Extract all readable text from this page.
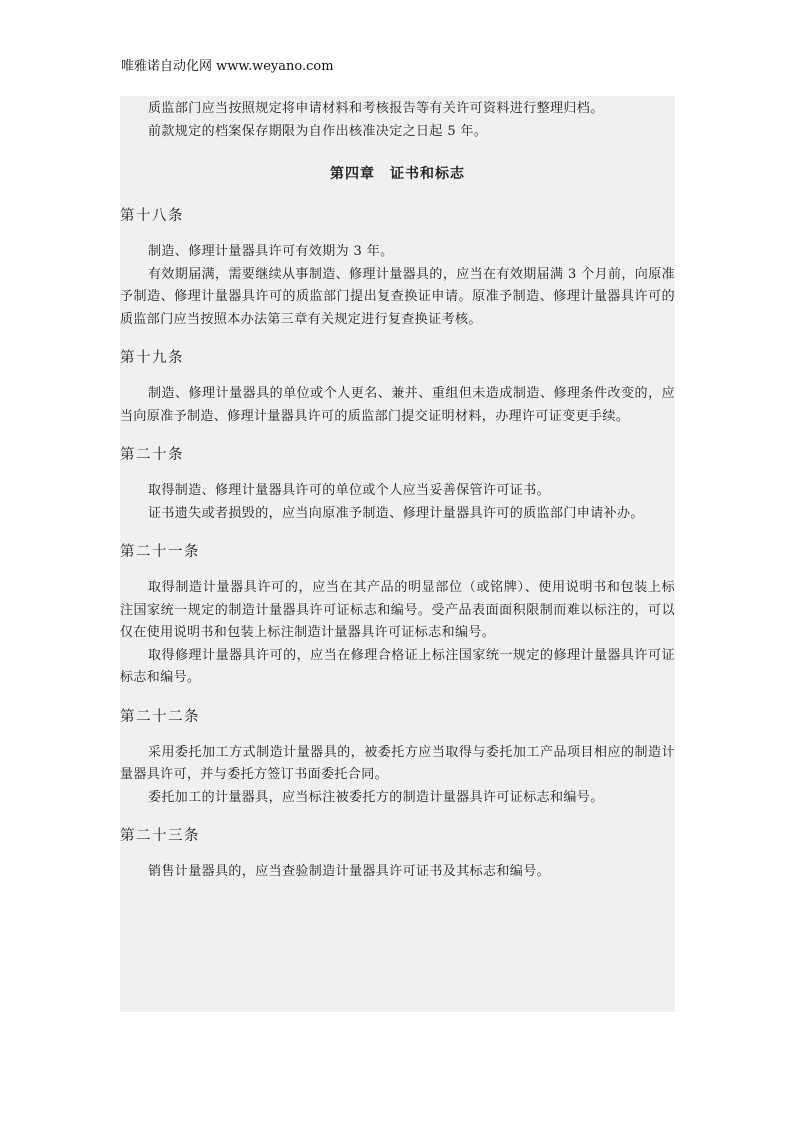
唯雅诺自动化网 www.weyano.com

质监部门应当按照规定将申请材料和考核报告等有关许可资料进行整理归档。

前款规定的档案保存期限为自作出核准决定之日起 5 年。

第四章　证书和标志
第十八条

制造、修理计量器具许可有效期为 3 年。

有效期届满，需要继续从事制造、修理计量器具的，应当在有效期届满 3 个月前，向原准予制造、修理计量器具许可的质监部门提出复查换证申请。原准予制造、修理计量器具许可的质监部门应当按照本办法第三章有关规定进行复查换证考核。

第十九条

制造、修理计量器具的单位或个人更名、兼并、重组但未造成制造、修理条件改变的，应当向原准予制造、修理计量器具许可的质监部门提交证明材料，办理许可证变更手续。

第二十条

取得制造、修理计量器具许可的单位或个人应当妥善保管许可证书。

证书遗失或者损毁的，应当向原准予制造、修理计量器具许可的质监部门申请补办。

第二十一条

取得制造计量器具许可的，应当在其产品的明显部位（或铭牌）、使用说明书和包装上标注国家统一规定的制造计量器具许可证标志和编号。受产品表面面积限制而难以标注的，可以仅在使用说明书和包装上标注制造计量器具许可证标志和编号。

取得修理计量器具许可的，应当在修理合格证上标注国家统一规定的修理计量器具许可证标志和编号。

第二十二条

采用委托加工方式制造计量器具的，被委托方应当取得与委托加工产品项目相应的制造计量器具许可，并与委托方签订书面委托合同。

委托加工的计量器具，应当标注被委托方的制造计量器具许可证标志和编号。

第二十三条

销售计量器具的，应当查验制造计量器具许可证书及其标志和编号。
